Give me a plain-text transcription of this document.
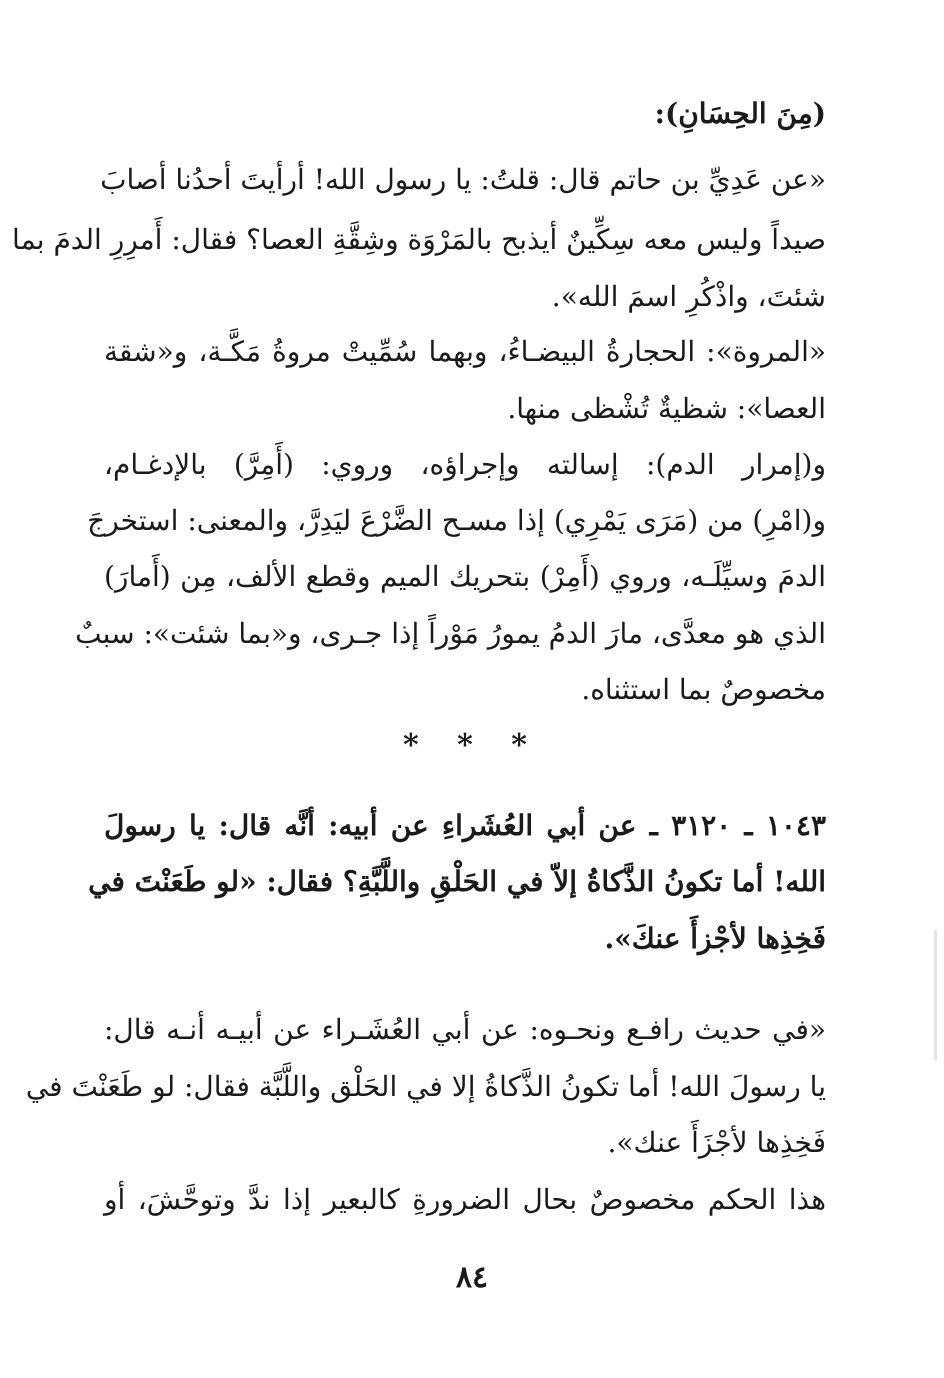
(مِنَ الحِسَانِ):
«عن عَدِيِّ بن حاتم قال: قلتُ: يا رسول الله! أرأيتَ أحدُنا أصابَ
صيداً وليس معه سِكِّينٌ أيذبح بالمَرْوَة وشِقَّةِ العصا؟ فقال: أَمرِرِ الدمَ بما
شئتَ، واذْكُرِ اسمَ الله».
«المروة»: الحجارةُ البيضـاءُ، وبهما سُمِّيتْ مروةُ مَكَّـة، و«شقة
العصا»: شظيةٌ تُشْظى منها.
و(إمرار الدم): إسالته وإجراؤه، وروي: (أَمِرَّ) بالإدغـام،
و(امْرِ) من (مَرَى يَمْرِي) إذا مسـح الضَّرْعَ ليَدِرَّ، والمعنى: استخرجَ
الدمَ وسيِّلَـه، وروي (أَمِرْ) بتحريك الميم وقطع الألف، مِن (أَمارَ)
الذي هو معدَّى، مارَ الدمُ يمورُ مَوْراً إذا جـرى، و«بما شئت»: سببٌ
مخصوصٌ بما استثناه.
* * *
١٠٤٣ ـ ٣١٢٠ ـ عن أبي العُشَراءِ عن أبيه: أنَّه قال: يا رسولَ
الله! أما تكونُ الذَّكاةُ إلاّ في الحَلْقِ واللَّبَّةِ؟ فقال: «لو طَعَنْتَ في
فَخِذِها لأجْزأَ عنكَ».
«في حديث رافـع ونحـوه: عن أبي العُشَـراء عن أبيـه أنـه قال:
يا رسولَ الله! أما تكونُ الذَّكاةُ إلا في الحَلْق واللَّبَّة فقال: لو طَعَنْتَ في
فَخِذِها لأجْزَأَ عنك».
هذا الحكم مخصوصٌ بحال الضرورةِ كالبعير إذا ندَّ وتوحَّشَ، أو
٨٤
